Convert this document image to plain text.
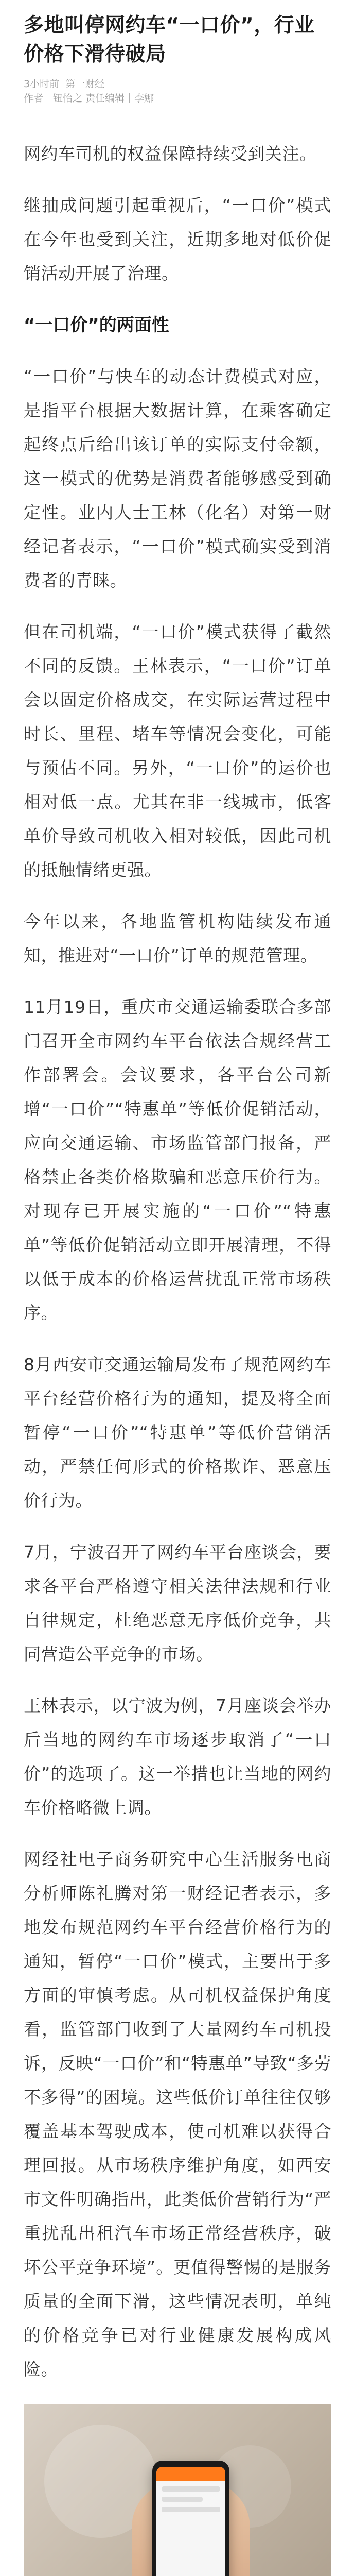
多地叫停网约车“一口价”，行业价格下滑待破局
3小时前 第一财经
作者｜钮怡之 责任编辑｜李娜

网约车司机的权益保障持续受到关注。

继抽成问题引起重视后，“一口价”模式在今年也受到关注，近期多地对低价促销活动开展了治理。

“一口价”的两面性

“一口价”与快车的动态计费模式对应，是指平台根据大数据计算，在乘客确定起终点后给出该订单的实际支付金额，这一模式的优势是消费者能够感受到确定性。业内人士王林（化名）对第一财经记者表示，“一口价”模式确实受到消费者的青睐。

但在司机端，“一口价”模式获得了截然不同的反馈。王林表示，“一口价”订单会以固定价格成交，在实际运营过程中时长、里程、堵车等情况会变化，可能与预估不同。另外，“一口价”的运价也相对低一点。尤其在非一线城市，低客单价导致司机收入相对较低，因此司机的抵触情绪更强。

今年以来，各地监管机构陆续发布通知，推进对“一口价”订单的规范管理。

11月19日，重庆市交通运输委联合多部门召开全市网约车平台依法合规经营工作部署会。会议要求，各平台公司新增“一口价”“特惠单”等低价促销活动，应向交通运输、市场监管部门报备，严格禁止各类价格欺骗和恶意压价行为。对现存已开展实施的“一口价”“特惠单”等低价促销活动立即开展清理，不得以低于成本的价格运营扰乱正常市场秩序。

8月西安市交通运输局发布了规范网约车平台经营价格行为的通知，提及将全面暂停“一口价”“特惠单”等低价营销活动，严禁任何形式的价格欺诈、恶意压价行为。

7月，宁波召开了网约车平台座谈会，要求各平台严格遵守相关法律法规和行业自律规定，杜绝恶意无序低价竞争，共同营造公平竞争的市场。

王林表示，以宁波为例，7月座谈会举办后当地的网约车市场逐步取消了“一口价”的选项了。这一举措也让当地的网约车价格略微上调。

网经社电子商务研究中心生活服务电商分析师陈礼腾对第一财经记者表示，多地发布规范网约车平台经营价格行为的通知，暂停“一口价”模式，主要出于多方面的审慎考虑。从司机权益保护角度看，监管部门收到了大量网约车司机投诉，反映“一口价”和“特惠单”导致“多劳不多得”的困境。这些低价订单往往仅够覆盖基本驾驶成本，使司机难以获得合理回报。从市场秩序维护角度，如西安市文件明确指出，此类低价营销行为“严重扰乱出租汽车市场正常经营秩序，破坏公平竞争环境”。更值得警惕的是服务质量的全面下滑，这些情况表明，单纯的价格竞争已对行业健康发展构成风险。
